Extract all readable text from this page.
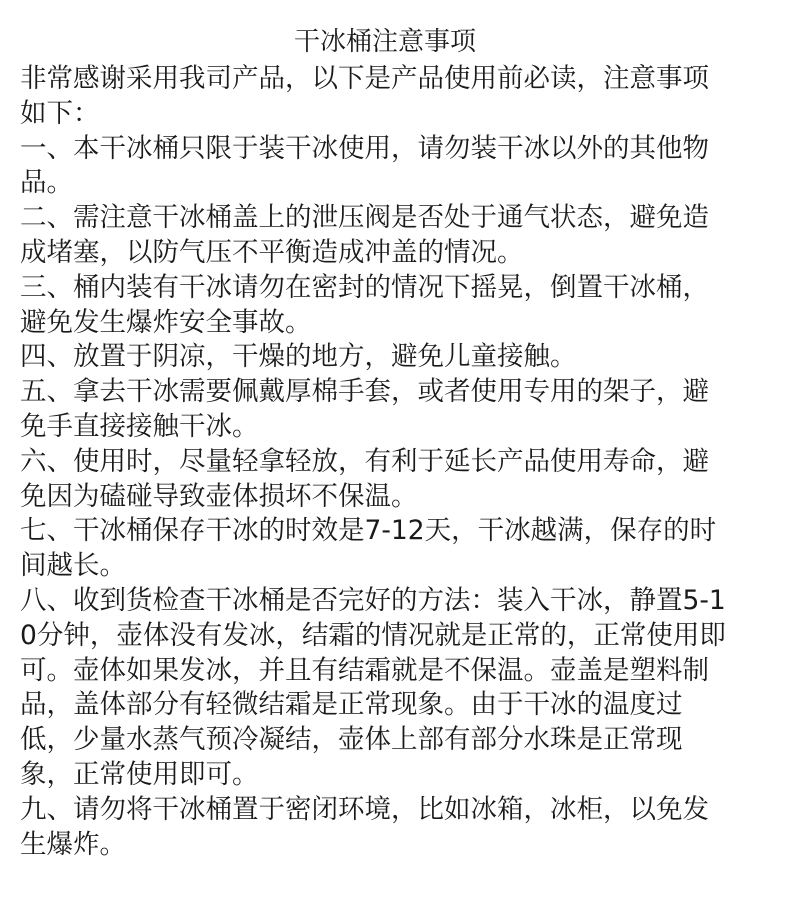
干冰桶注意事项
非常感谢采用我司产品，以下是产品使用前必读，注意事项
如下：
一、本干冰桶只限于装干冰使用，请勿装干冰以外的其他物
品。
二、需注意干冰桶盖上的泄压阀是否处于通气状态，避免造
成堵塞，以防气压不平衡造成冲盖的情况。
三、桶内装有干冰请勿在密封的情况下摇晃，倒置干冰桶，
避免发生爆炸安全事故。
四、放置于阴凉，干燥的地方，避免儿童接触。
五、拿去干冰需要佩戴厚棉手套，或者使用专用的架子，避
免手直接接触干冰。
六、使用时，尽量轻拿轻放，有利于延长产品使用寿命，避
免因为磕碰导致壶体损坏不保温。
七、干冰桶保存干冰的时效是7-12天，干冰越满，保存的时
间越长。
八、收到货检查干冰桶是否完好的方法：装入干冰，静置5-1
0分钟，壶体没有发冰，结霜的情况就是正常的，正常使用即
可。壶体如果发冰，并且有结霜就是不保温。壶盖是塑料制
品，盖体部分有轻微结霜是正常现象。由于干冰的温度过
低，少量水蒸气预冷凝结，壶体上部有部分水珠是正常现
象，正常使用即可。
九、请勿将干冰桶置于密闭环境，比如冰箱，冰柜，以免发
生爆炸。
